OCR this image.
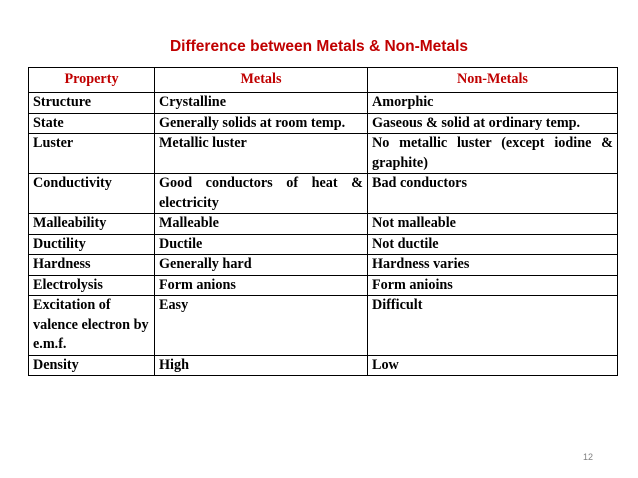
Difference between Metals & Non-Metals
Property	Metals	Non-Metals
Structure	Crystalline	Amorphic
State	Generally solids at room temp.	Gaseous & solid at ordinary temp.
Luster	Metallic luster	No metallic luster (except iodine & graphite)
Conductivity	Good conductors of heat & electricity	Bad conductors
Malleability	Malleable	Not malleable
Ductility	Ductile	Not ductile
Hardness	Generally hard	Hardness varies
Electrolysis	Form anions	Form anioins
Excitation of valence electron by e.m.f.	Easy	Difficult
Density	High	Low
12
